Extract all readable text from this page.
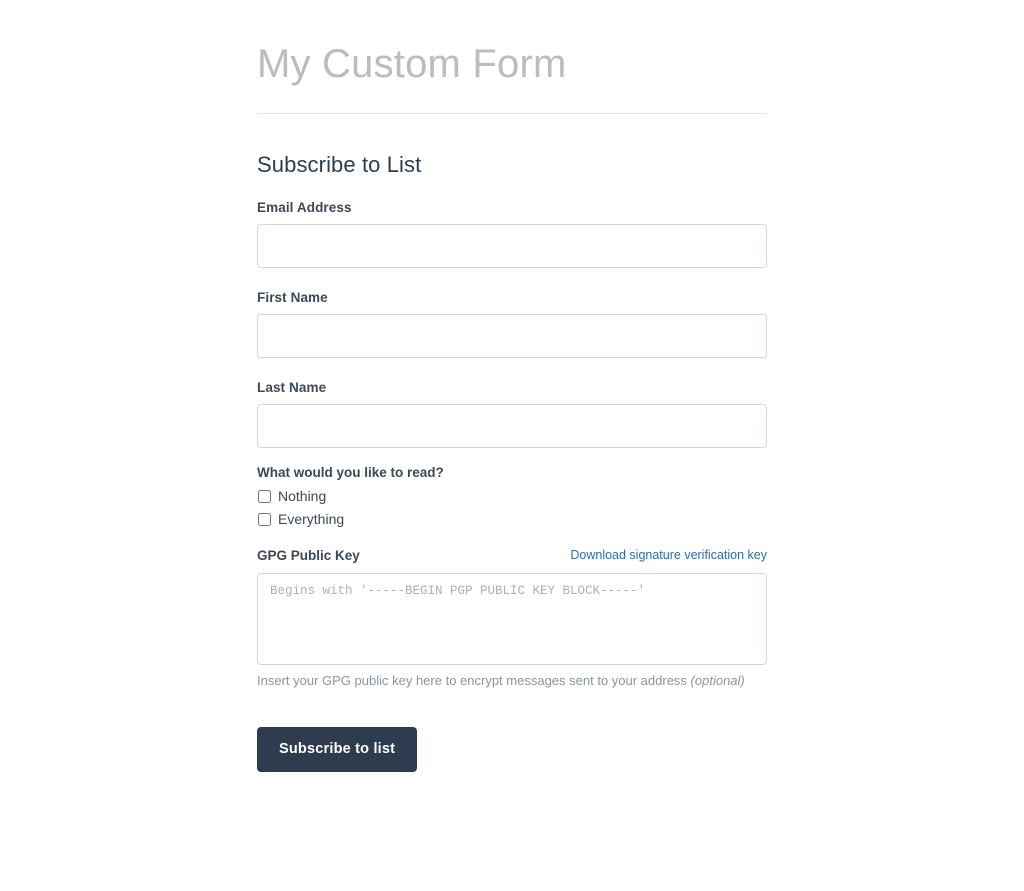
My Custom Form
Subscribe to List
Email Address
First Name
Last Name
What would you like to read?
Nothing
Everything
GPG Public Key	Download signature verification key
Begins with '-----BEGIN PGP PUBLIC KEY BLOCK-----'
Insert your GPG public key here to encrypt messages sent to your address (optional)
Subscribe to list
